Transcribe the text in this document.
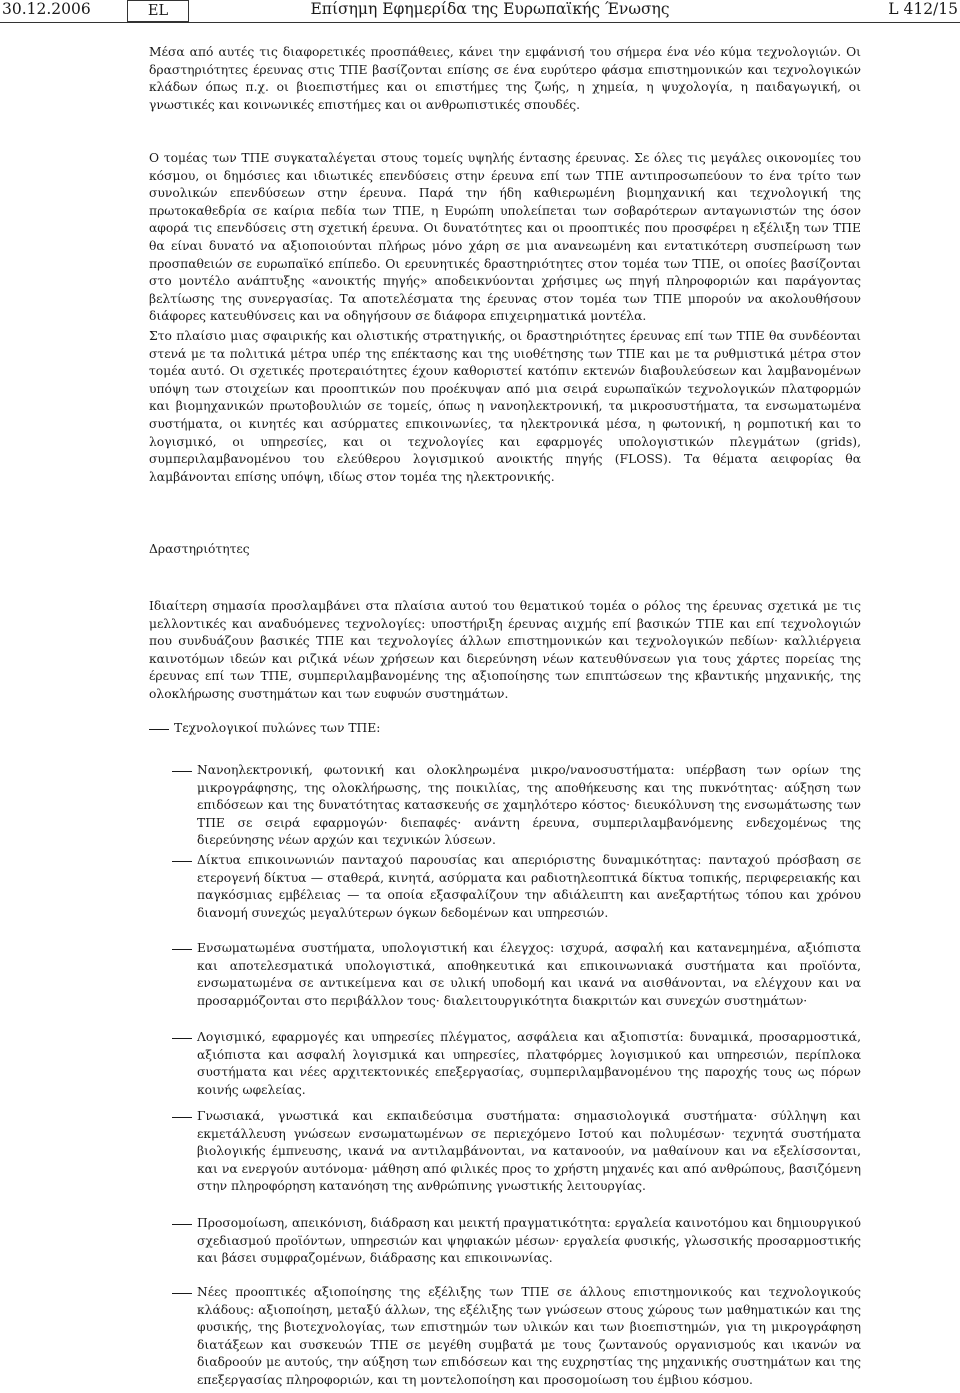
30.12.2006	EL	Επίσημη Εφημερίδα της Ευρωπαϊκής Ένωσης	L 412/15

Μέσα από αυτές τις διαφορετικές προσπάθειες, κάνει την εμφάνισή του σήμερα ένα νέο κύμα τεχνολογιών. Οι δραστηριότητες έρευνας στις ΤΠΕ βασίζονται επίσης σε ένα ευρύτερο φάσμα επιστημονικών και τεχνολογικών κλάδων όπως π.χ. οι βιοεπιστήμες και οι επιστήμες της ζωής, η χημεία, η ψυχολογία, η παιδαγωγική, οι γνωστικές και κοινωνικές επιστήμες και οι ανθρωπιστικές σπουδές.

Ο τομέας των ΤΠΕ συγκαταλέγεται στους τομείς υψηλής έντασης έρευνας. Σε όλες τις μεγάλες οικονομίες του κόσμου, οι δημόσιες και ιδιωτικές επενδύσεις στην έρευνα επί των ΤΠΕ αντιπροσωπεύουν το ένα τρίτο των συνολικών επενδύσεων στην έρευνα. Παρά την ήδη καθιερωμένη βιομηχανική και τεχνολογική της πρωτοκαθεδρία σε καίρια πεδία των ΤΠΕ, η Ευρώπη υπολείπεται των σοβαρότερων ανταγωνιστών της όσον αφορά τις επενδύσεις στη σχετική έρευνα. Οι δυνατότητες και οι προοπτικές που προσφέρει η εξέλιξη των ΤΠΕ θα είναι δυνατό να αξιοποιούνται πλήρως μόνο χάρη σε μια ανανεωμένη και εντατικότερη συσπείρωση των προσπαθειών σε ευρωπαϊκό επίπεδο. Οι ερευνητικές δραστηριότητες στον τομέα των ΤΠΕ, οι οποίες βασίζονται στο μοντέλο ανάπτυξης «ανοικτής πηγής» αποδεικνύονται χρήσιμες ως πηγή πληροφοριών και παράγοντας βελτίωσης της συνεργασίας. Τα αποτελέσματα της έρευνας στον τομέα των ΤΠΕ μπορούν να ακολουθήσουν διάφορες κατευθύνσεις και να οδηγήσουν σε διάφορα επιχειρηματικά μοντέλα.

Στο πλαίσιο μιας σφαιρικής και ολιστικής στρατηγικής, οι δραστηριότητες έρευνας επί των ΤΠΕ θα συνδέονται στενά με τα πολιτικά μέτρα υπέρ της επέκτασης και της υιοθέτησης των ΤΠΕ και με τα ρυθμιστικά μέτρα στον τομέα αυτό. Οι σχετικές προτεραιότητες έχουν καθοριστεί κατόπιν εκτενών διαβουλεύσεων και λαμβανομένων υπόψη των στοιχείων και προοπτικών που προέκυψαν από μια σειρά ευρωπαϊκών τεχνολογικών πλατφορμών και βιομηχανικών πρωτοβουλιών σε τομείς, όπως η νανοηλεκτρονική, τα μικροσυστήματα, τα ενσωματωμένα συστήματα, οι κινητές και ασύρματες επικοινωνίες, τα ηλεκτρονικά μέσα, η φωτονική, η ρομποτική και το λογισμικό, οι υπηρεσίες, και οι τεχνολογίες και εφαρμογές υπολογιστικών πλεγμάτων (grids), συμπεριλαμβανομένου του ελεύθερου λογισμικού ανοικτής πηγής (FLOSS). Τα θέματα αειφορίας θα λαμβάνονται επίσης υπόψη, ιδίως στον τομέα της ηλεκτρονικής.

Δραστηριότητες

Ιδιαίτερη σημασία προσλαμβάνει στα πλαίσια αυτού του θεματικού τομέα ο ρόλος της έρευνας σχετικά με τις μελλοντικές και αναδυόμενες τεχνολογίες: υποστήριξη έρευνας αιχμής επί βασικών ΤΠΕ και επί τεχνολογιών που συνδυάζουν βασικές ΤΠΕ και τεχνολογίες άλλων επιστημονικών και τεχνολογικών πεδίων· καλλιέργεια καινοτόμων ιδεών και ριζικά νέων χρήσεων και διερεύνηση νέων κατευθύνσεων για τους χάρτες πορείας της έρευνας επί των ΤΠΕ, συμπεριλαμβανομένης της αξιοποίησης των επιπτώσεων της κβαντικής μηχανικής, της ολοκλήρωσης συστημάτων και των ευφυών συστημάτων.

Τεχνολογικοί πυλώνες των ΤΠΕ:
Νανοηλεκτρονική, φωτονική και ολοκληρωμένα μικρο/νανοσυστήματα: υπέρβαση των ορίων της μικρογράφησης, της ολοκλήρωσης, της ποικιλίας, της αποθήκευσης και της πυκνότητας· αύξηση των επιδόσεων και της δυνατότητας κατασκευής σε χαμηλότερο κόστος· διευκόλυνση της ενσωμάτωσης των ΤΠΕ σε σειρά εφαρμογών· διεπαφές· ανάντη έρευνα, συμπεριλαμβανόμενης ενδεχομένως της διερεύνησης νέων αρχών και τεχνικών λύσεων.
Δίκτυα επικοινωνιών πανταχού παρουσίας και απεριόριστης δυναμικότητας: πανταχού πρόσβαση σε ετερογενή δίκτυα — σταθερά, κινητά, ασύρματα και ραδιοτηλεοπτικά δίκτυα τοπικής, περιφερειακής και παγκόσμιας εμβέλειας — τα οποία εξασφαλίζουν την αδιάλειπτη και ανεξαρτήτως τόπου και χρόνου διανομή συνεχώς μεγαλύτερων όγκων δεδομένων και υπηρεσιών.
Ενσωματωμένα συστήματα, υπολογιστική και έλεγχος: ισχυρά, ασφαλή και κατανεμημένα, αξιόπιστα και αποτελεσματικά υπολογιστικά, αποθηκευτικά και επικοινωνιακά συστήματα και προϊόντα, ενσωματωμένα σε αντικείμενα και σε υλική υποδομή και ικανά να αισθάνονται, να ελέγχουν και να προσαρμόζονται στο περιβάλλον τους· διαλειτουργικότητα διακριτών και συνεχών συστημάτων·
Λογισμικό, εφαρμογές και υπηρεσίες πλέγματος, ασφάλεια και αξιοπιστία: δυναμικά, προσαρμοστικά, αξιόπιστα και ασφαλή λογισμικά και υπηρεσίες, πλατφόρμες λογισμικού και υπηρεσιών, περίπλοκα συστήματα και νέες αρχιτεκτονικές επεξεργασίας, συμπεριλαμβανομένου της παροχής τους ως πόρων κοινής ωφελείας.
Γνωσιακά, γνωστικά και εκπαιδεύσιμα συστήματα: σημασιολογικά συστήματα· σύλληψη και εκμετάλλευση γνώσεων ενσωματωμένων σε περιεχόμενο Ιστού και πολυμέσων· τεχνητά συστήματα βιολογικής έμπνευσης, ικανά να αντιλαμβάνονται, να κατανοούν, να μαθαίνουν και να εξελίσσονται, και να ενεργούν αυτόνομα· μάθηση από φιλικές προς το χρήστη μηχανές και από ανθρώπους, βασιζόμενη στην πληροφόρηση κατανόηση της ανθρώπινης γνωστικής λειτουργίας.
Προσομοίωση, απεικόνιση, διάδραση και μεικτή πραγματικότητα: εργαλεία καινοτόμου και δημιουργικού σχεδιασμού προϊόντων, υπηρεσιών και ψηφιακών μέσων· εργαλεία φυσικής, γλωσσικής προσαρμοστικής και βάσει συμφραζομένων, διάδρασης και επικοινωνίας.
Νέες προοπτικές αξιοποίησης της εξέλιξης των ΤΠΕ σε άλλους επιστημονικούς και τεχνολογικούς κλάδους: αξιοποίηση, μεταξύ άλλων, της εξέλιξης των γνώσεων στους χώρους των μαθηματικών και της φυσικής, της βιοτεχνολογίας, των επιστημών των υλικών και των βιοεπιστημών, για τη μικρογράφηση διατάξεων και συσκευών ΤΠΕ σε μεγέθη συμβατά με τους ζωντανούς οργανισμούς και ικανών να διαδροούν με αυτούς, την αύξηση των επιδόσεων και της ευχρηστίας της μηχανικής συστημάτων και της επεξεργασίας πληροφοριών, και τη μοντελοποίηση και προσομοίωση του έμβιου κόσμου.
